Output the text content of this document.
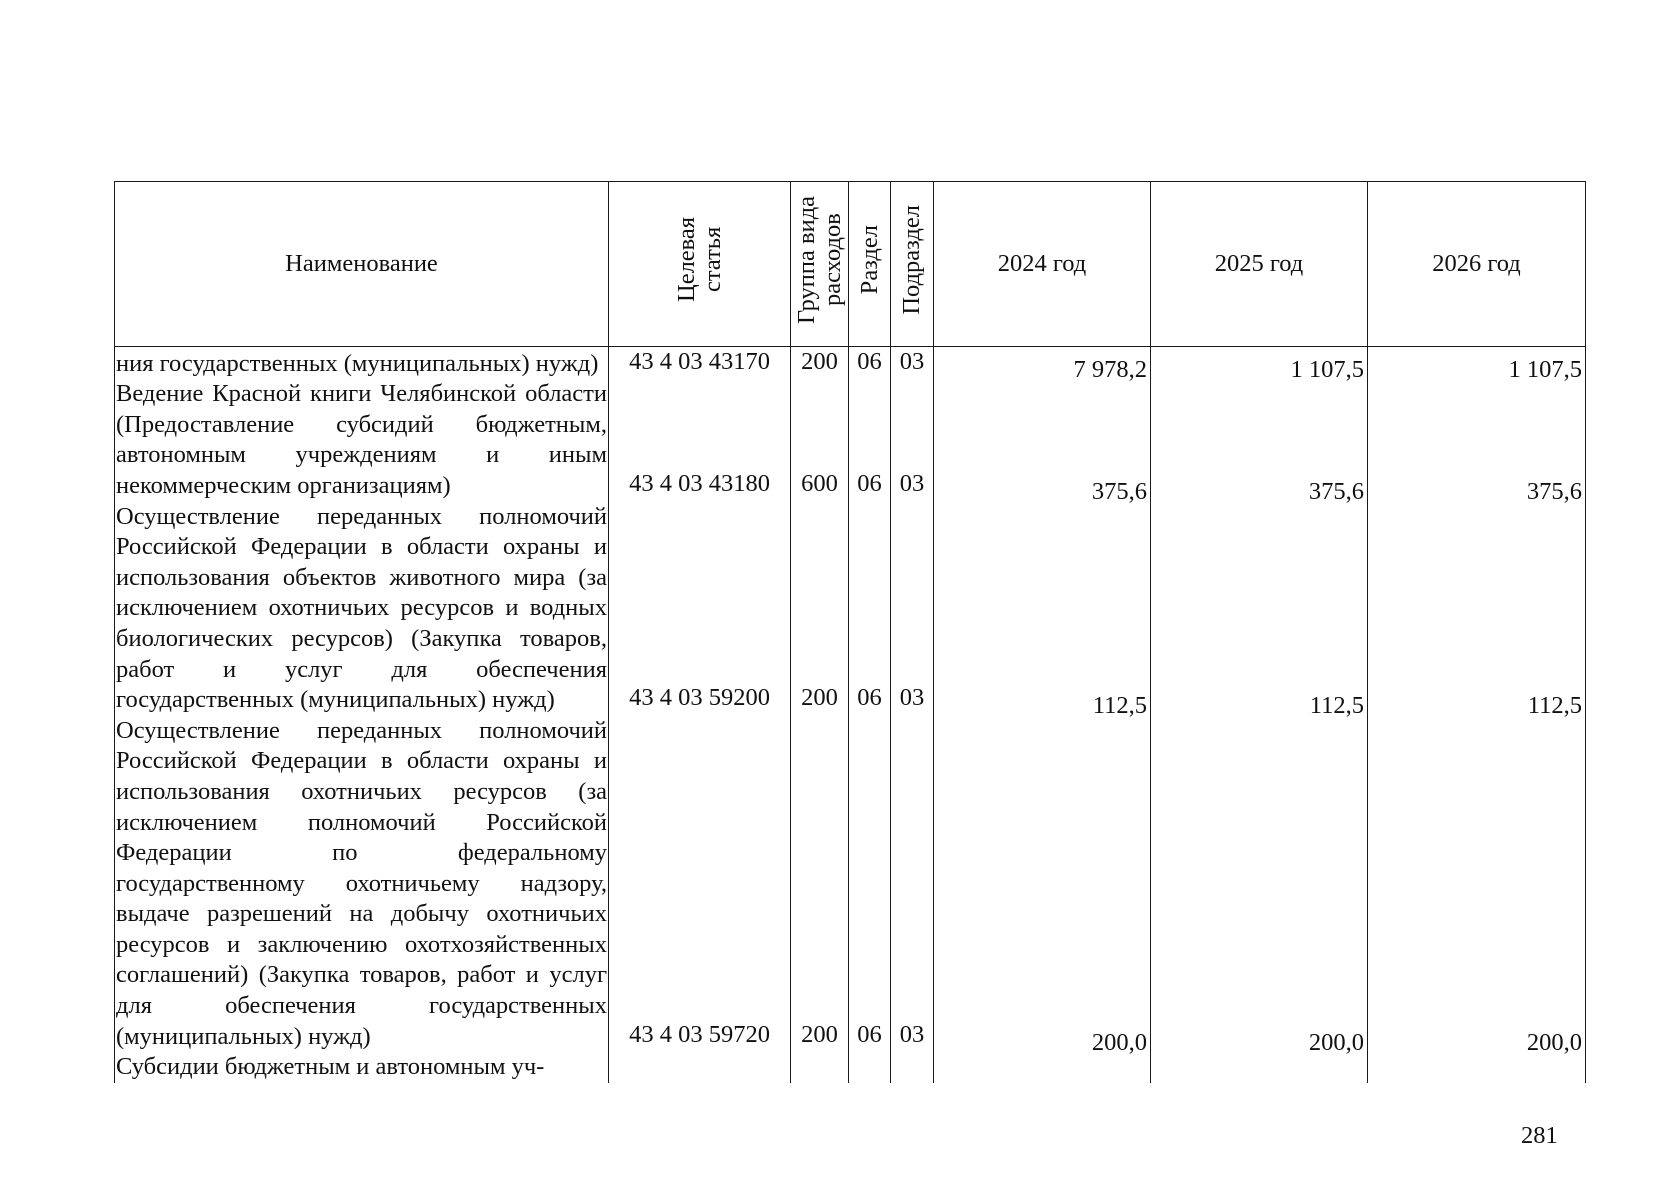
Наименование	Целевая статья	Группа вида расходов	Раздел	Подраздел	2024 год	2025 год	2026 год
ния государственных (муниципальных) нужд)	43 4 03 43170	200	06	03	7 978,2	1 107,5	1 107,5
Ведение Красной книги Челябинской области (Предоставление субсидий бюджетным, автономным учреждениям и иным некоммерческим организациям)	43 4 03 43180	600	06	03	375,6	375,6	375,6
Осуществление переданных полномочий Российской Федерации в области охраны и использования объектов животного мира (за исключением охотничьих ресурсов и водных биологических ресурсов) (Закупка товаров, работ и услуг для обеспечения государственных (муниципальных) нужд)	43 4 03 59200	200	06	03	112,5	112,5	112,5
Осуществление переданных полномочий Российской Федерации в области охраны и использования охотничьих ресурсов (за исключением полномочий Российской Федерации по федеральному государственному охотничьему надзору, выдаче разрешений на добычу охотничьих ресурсов и заключению охотхозяйственных соглашений) (Закупка товаров, работ и услуг для обеспечения государственных (муниципальных) нужд)	43 4 03 59720	200	06	03	200,0	200,0	200,0
Субсидии бюджетным и автономным уч-							
281
